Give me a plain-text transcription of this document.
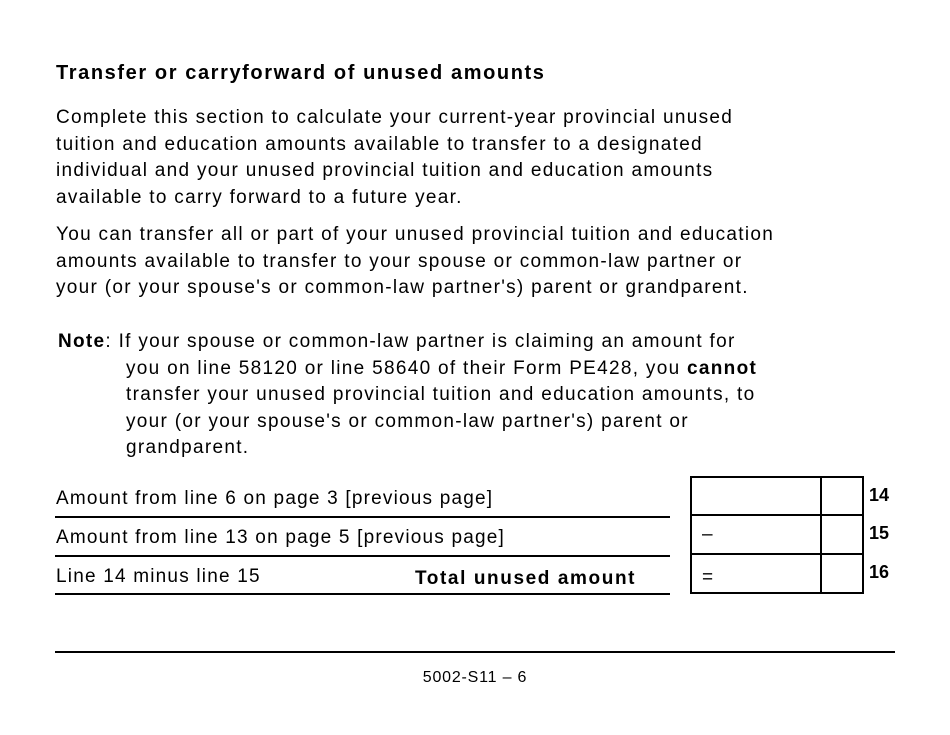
Transfer or carryforward of unused amounts
Complete this section to calculate your current-year provincial unused
tuition and education amounts available to transfer to a designated
individual and your unused provincial tuition and education amounts
available to carry forward to a future year.
You can transfer all or part of your unused provincial tuition and education
amounts available to transfer to your spouse or common-law partner or
your (or your spouse's or common-law partner's) parent or grandparent.
Note: If your spouse or common-law partner is claiming an amount for
you on line 58120 or line 58640 of their Form PE428, you cannot
transfer your unused provincial tuition and education amounts, to
your (or your spouse's or common-law partner's) parent or
grandparent.
Amount from line 6 on page 3 [previous page]
Amount from line 13 on page 5 [previous page]
Line 14 minus line 15	Total unused amount
–
=
14
15
16
5002-S11 – 6
